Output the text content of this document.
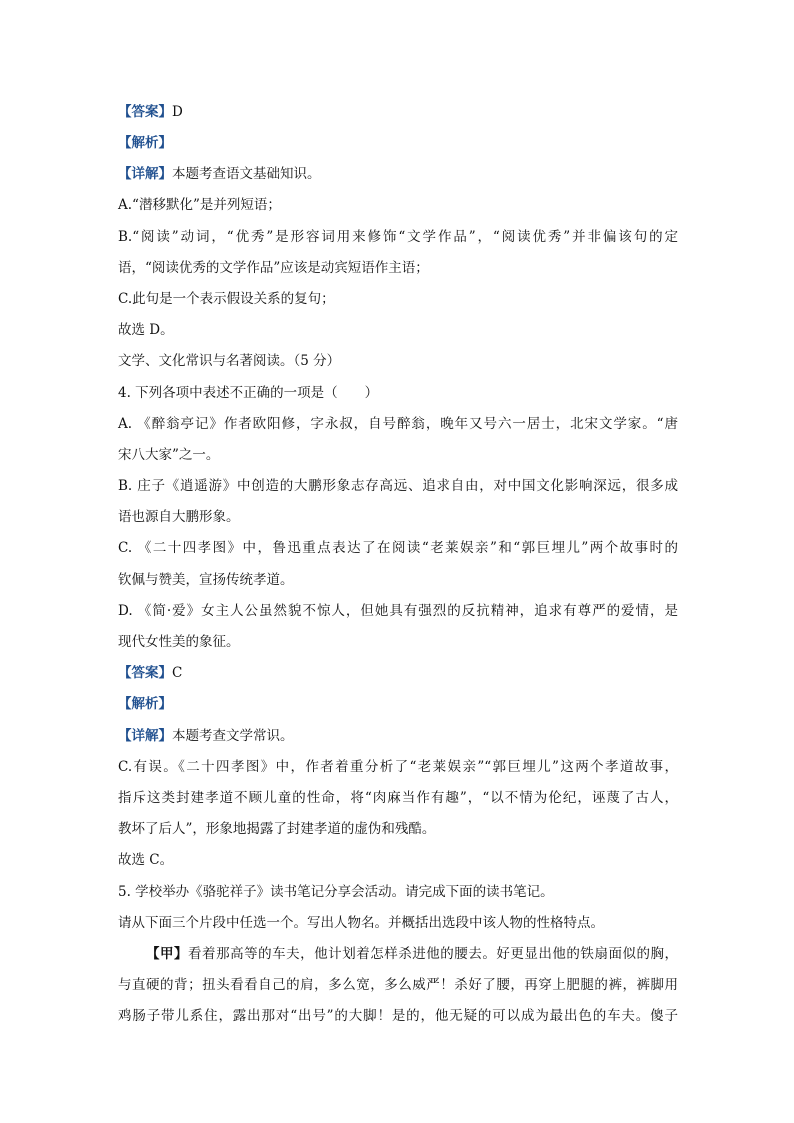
【答案】D
【解析】
【详解】本题考查语文基础知识。
A.“潜移默化”是并列短语；
B.“阅读”动词，“优秀”是形容词用来修饰“文学作品”，“阅读优秀”并非偏该句的定
语，“阅读优秀的文学作品”应该是动宾短语作主语；
C.此句是一个表示假设关系的复句；
故选 D。
文学、文化常识与名著阅读。（5 分）
4. 下列各项中表述不正确的一项是（　　）
A. 《醉翁亭记》作者欧阳修，字永叔，自号醉翁，晚年又号六一居士，北宋文学家。“唐
宋八大家”之一。
B. 庄子《逍遥游》中创造的大鹏形象志存高远、追求自由，对中国文化影响深远，很多成
语也源自大鹏形象。
C. 《二十四孝图》中，鲁迅重点表达了在阅读“老莱娱亲”和“郭巨埋儿”两个故事时的
钦佩与赞美，宣扬传统孝道。
D. 《简·爱》女主人公虽然貌不惊人，但她具有强烈的反抗精神，追求有尊严的爱情，是
现代女性美的象征。
【答案】C
【解析】
【详解】本题考查文学常识。
C.有误。《二十四孝图》中，作者着重分析了“老莱娱亲”“郭巨埋儿”这两个孝道故事，
指斥这类封建孝道不顾儿童的性命，将“肉麻当作有趣”，“以不情为伦纪，诬蔑了古人，
教坏了后人”，形象地揭露了封建孝道的虚伪和残酷。
故选 C。
5. 学校举办《骆驼祥子》读书笔记分享会活动。请完成下面的读书笔记。
请从下面三个片段中任选一个。写出人物名。并概括出选段中该人物的性格特点。
【甲】看着那高等的车夫，他计划着怎样杀进他的腰去。好更显出他的铁扇面似的胸，
与直硬的背；扭头看看自己的肩，多么宽，多么威严！杀好了腰，再穿上肥腿的裤，裤脚用
鸡肠子带儿系住，露出那对“出号”的大脚！是的，他无疑的可以成为最出色的车夫。傻子
